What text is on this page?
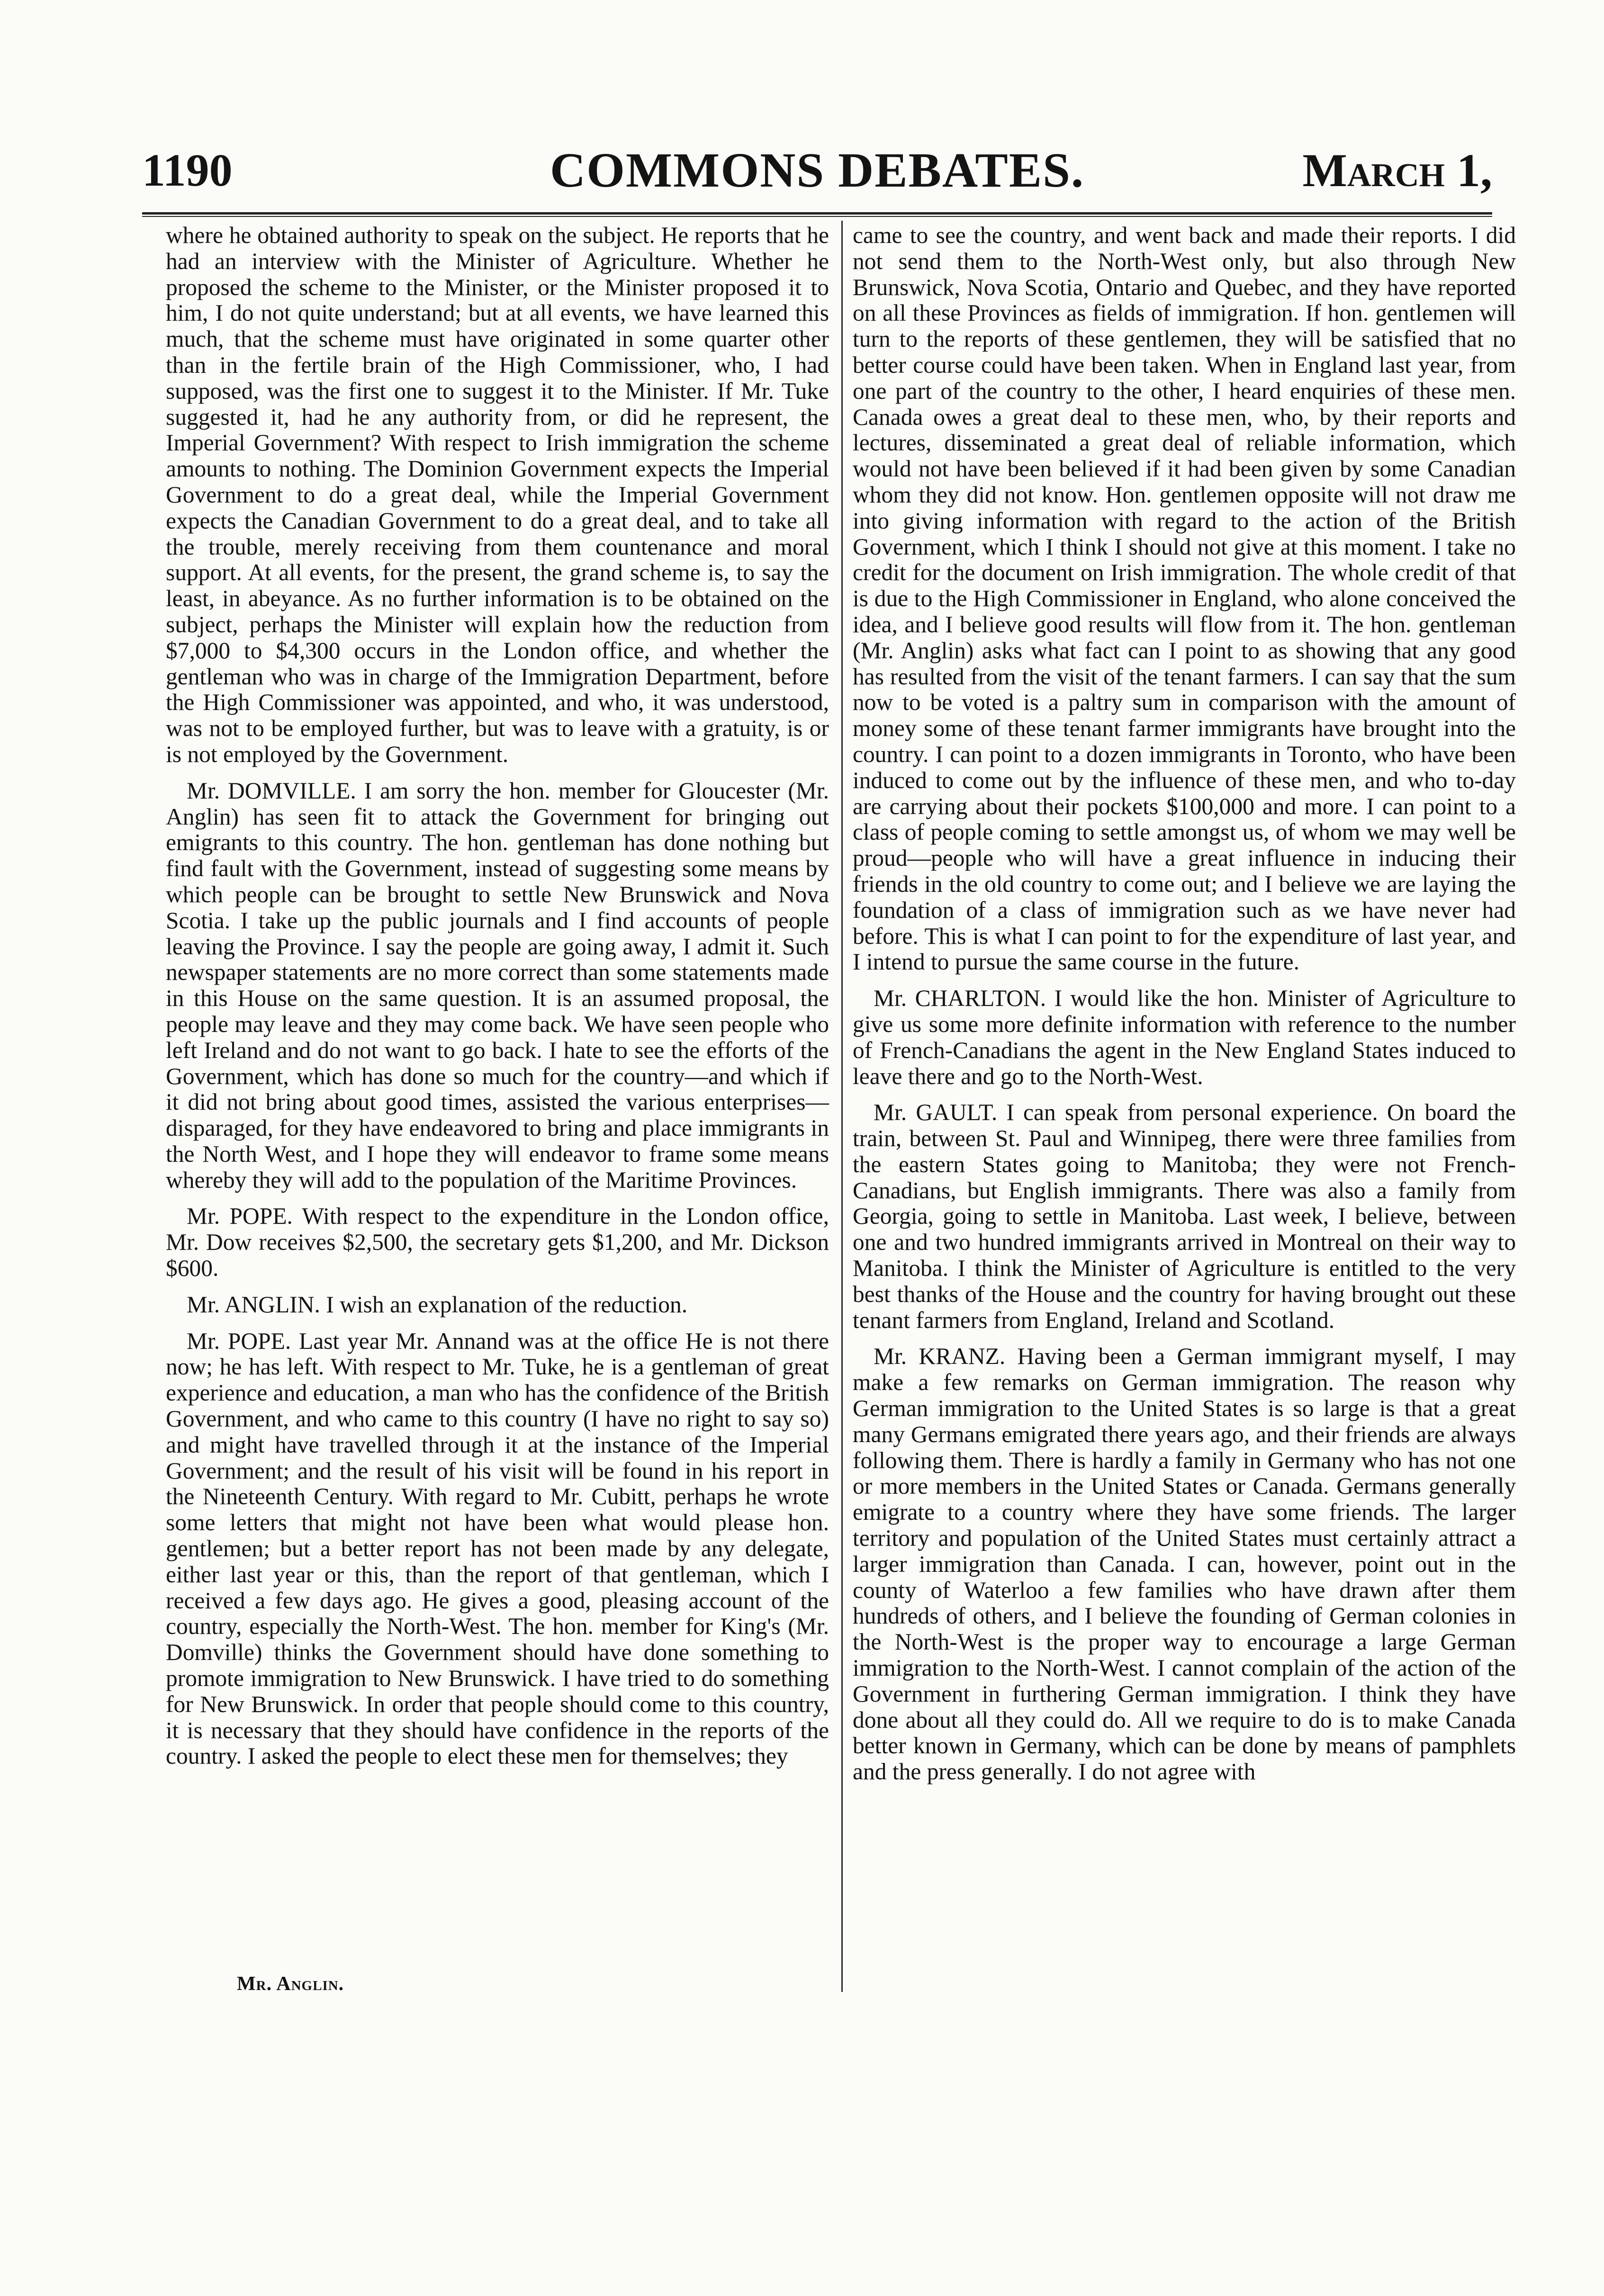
1190	COMMONS DEBATES.	March 1,

where he obtained authority to speak on the subject. He reports that he had an interview with the Minister of Agriculture. Whether he proposed the scheme to the Minister, or the Minister proposed it to him, I do not quite understand; but at all events, we have learned this much, that the scheme must have originated in some quarter other than in the fertile brain of the High Commissioner, who, I had supposed, was the first one to suggest it to the Minister. If Mr. Tuke suggested it, had he any authority from, or did he represent, the Imperial Government? With respect to Irish immigration the scheme amounts to nothing. The Dominion Government expects the Imperial Government to do a great deal, while the Imperial Government expects the Canadian Government to do a great deal, and to take all the trouble, merely receiving from them countenance and moral support. At all events, for the present, the grand scheme is, to say the least, in abeyance. As no further information is to be obtained on the subject, perhaps the Minister will explain how the reduction from $7,000 to $4,300 occurs in the London office, and whether the gentleman who was in charge of the Immigration Department, before the High Commissioner was appointed, and who, it was understood, was not to be employed further, but was to leave with a gratuity, is or is not employed by the Government.

Mr. DOMVILLE. I am sorry the hon. member for Gloucester (Mr. Anglin) has seen fit to attack the Government for bringing out emigrants to this country. The hon. gentleman has done nothing but find fault with the Government, instead of suggesting some means by which people can be brought to settle New Brunswick and Nova Scotia. I take up the public journals and I find accounts of people leaving the Province. I say the people are going away, I admit it. Such newspaper statements are no more correct than some statements made in this House on the same question. It is an assumed proposal, the people may leave and they may come back. We have seen people who left Ireland and do not want to go back. I hate to see the efforts of the Government, which has done so much for the country—and which if it did not bring about good times, assisted the various enterprises—disparaged, for they have endeavored to bring and place immigrants in the North West, and I hope they will endeavor to frame some means whereby they will add to the population of the Maritime Provinces.

Mr. POPE. With respect to the expenditure in the London office, Mr. Dow receives $2,500, the secretary gets $1,200, and Mr. Dickson $600.

Mr. ANGLIN. I wish an explanation of the reduction.

Mr. POPE. Last year Mr. Annand was at the office He is not there now; he has left. With respect to Mr. Tuke, he is a gentleman of great experience and education, a man who has the confidence of the British Government, and who came to this country (I have no right to say so) and might have travelled through it at the instance of the Imperial Government; and the result of his visit will be found in his report in the Nineteenth Century. With regard to Mr. Cubitt, perhaps he wrote some letters that might not have been what would please hon. gentlemen; but a better report has not been made by any delegate, either last year or this, than the report of that gentleman, which I received a few days ago. He gives a good, pleasing account of the country, especially the North-West. The hon. member for King's (Mr. Domville) thinks the Government should have done something to promote immigration to New Brunswick. I have tried to do something for New Brunswick. In order that people should come to this country, it is necessary that they should have confidence in the reports of the country. I asked the people to elect these men for themselves; they

came to see the country, and went back and made their reports. I did not send them to the North-West only, but also through New Brunswick, Nova Scotia, Ontario and Quebec, and they have reported on all these Provinces as fields of immigration. If hon. gentlemen will turn to the reports of these gentlemen, they will be satisfied that no better course could have been taken. When in England last year, from one part of the country to the other, I heard enquiries of these men. Canada owes a great deal to these men, who, by their reports and lectures, disseminated a great deal of reliable information, which would not have been believed if it had been given by some Canadian whom they did not know. Hon. gentlemen opposite will not draw me into giving information with regard to the action of the British Government, which I think I should not give at this moment. I take no credit for the document on Irish immigration. The whole credit of that is due to the High Commissioner in England, who alone conceived the idea, and I believe good results will flow from it. The hon. gentleman (Mr. Anglin) asks what fact can I point to as showing that any good has resulted from the visit of the tenant farmers. I can say that the sum now to be voted is a paltry sum in comparison with the amount of money some of these tenant farmer immigrants have brought into the country. I can point to a dozen immigrants in Toronto, who have been induced to come out by the influence of these men, and who to-day are carrying about their pockets $100,000 and more. I can point to a class of people coming to settle amongst us, of whom we may well be proud—people who will have a great influence in inducing their friends in the old country to come out; and I believe we are laying the foundation of a class of immigration such as we have never had before. This is what I can point to for the expenditure of last year, and I intend to pursue the same course in the future.

Mr. CHARLTON. I would like the hon. Minister of Agriculture to give us some more definite information with reference to the number of French-Canadians the agent in the New England States induced to leave there and go to the North-West.

Mr. GAULT. I can speak from personal experience. On board the train, between St. Paul and Winnipeg, there were three families from the eastern States going to Manitoba; they were not French-Canadians, but English immigrants. There was also a family from Georgia, going to settle in Manitoba. Last week, I believe, between one and two hundred immigrants arrived in Montreal on their way to Manitoba. I think the Minister of Agriculture is entitled to the very best thanks of the House and the country for having brought out these tenant farmers from England, Ireland and Scotland.

Mr. KRANZ. Having been a German immigrant myself, I may make a few remarks on German immigration. The reason why German immigration to the United States is so large is that a great many Germans emigrated there years ago, and their friends are always following them. There is hardly a family in Germany who has not one or more members in the United States or Canada. Germans generally emigrate to a country where they have some friends. The larger territory and population of the United States must certainly attract a larger immigration than Canada. I can, however, point out in the county of Waterloo a few families who have drawn after them hundreds of others, and I believe the founding of German colonies in the North-West is the proper way to encourage a large German immigration to the North-West. I cannot complain of the action of the Government in furthering German immigration. I think they have done about all they could do. All we require to do is to make Canada better known in Germany, which can be done by means of pamphlets and the press generally. I do not agree with

Mr. Anglin.
